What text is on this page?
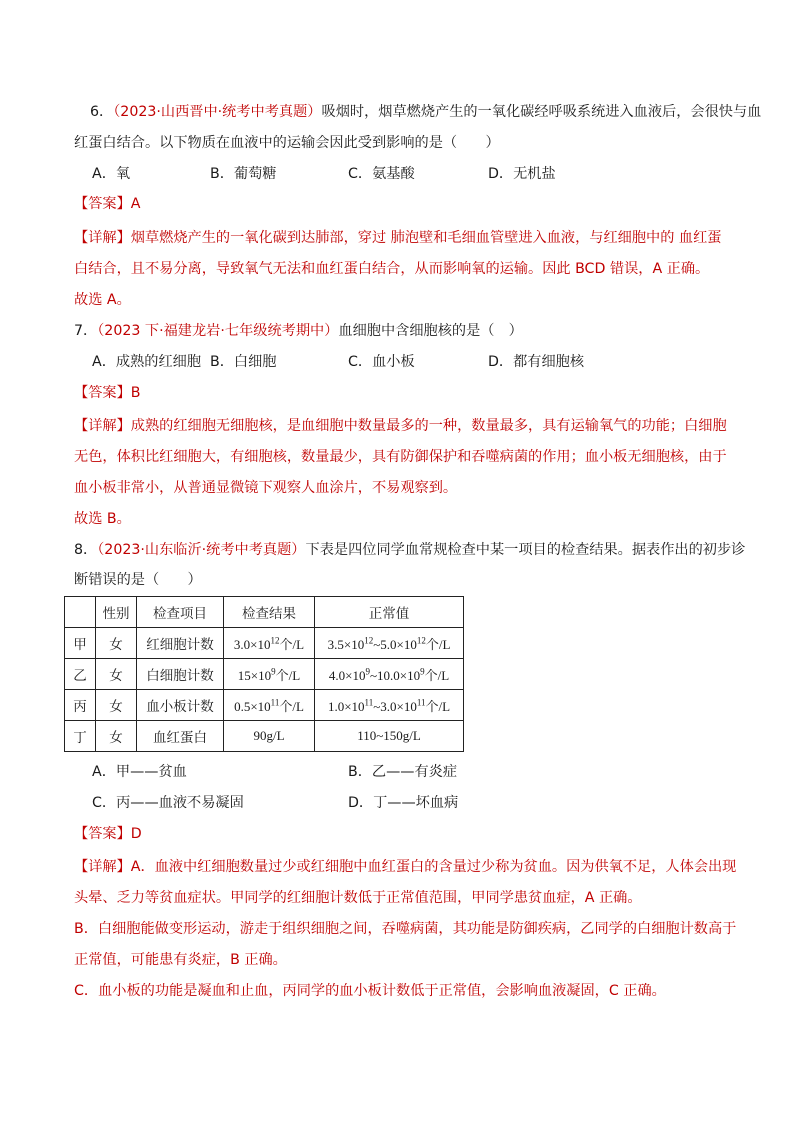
6．（2023·山西晋中·统考中考真题）吸烟时，烟草燃烧产生的一氧化碳经呼吸系统进入血液后，会很快与血
红蛋白结合。以下物质在血液中的运输会因此受到影响的是（　　）
A．氧	B．葡萄糖	C．氨基酸	D．无机盐
【答案】A
【详解】烟草燃烧产生的一氧化碳到达肺部，穿过 肺泡壁和毛细血管壁进入血液，与红细胞中的 血红蛋
白结合，且不易分离，导致氧气无法和血红蛋白结合，从而影响氧的运输。因此 BCD 错误，A 正确。
故选 A。
7．（2023 下·福建龙岩·七年级统考期中）血细胞中含细胞核的是（　）
A．成熟的红细胞 B．白细胞	C．血小板	D．都有细胞核
【答案】B
【详解】成熟的红细胞无细胞核，是血细胞中数量最多的一种，数量最多，具有运输氧气的功能；白细胞
无色，体积比红细胞大，有细胞核，数量最少，具有防御保护和吞噬病菌的作用；血小板无细胞核，由于
血小板非常小，从普通显微镜下观察人血涂片，不易观察到。
故选 B。
8．（2023·山东临沂·统考中考真题）下表是四位同学血常规检查中某一项目的检查结果。据表作出的初步诊
断错误的是（　　）
	性别	检查项目	检查结果	正常值
甲	女	红细胞计数	$3.0\times 10^{12}$个/L	$3.5\times 10^{12}\sim 5.0\times 10^{12}$个/L
乙	女	白细胞计数	$15\times 10^9$个/L	$4.0\times 10^9\sim 10.0\times 10^9$个/L
丙	女	血小板计数	$0.5\times 10^{11}$个/L	$1.0\times 10^{11}\sim 3.0\times 10^{11}$个/L
丁	女	血红蛋白	90g/L	110~150g/L
A．甲——贫血	B．乙——有炎症
C．丙——血液不易凝固	D．丁——坏血病
【答案】D
【详解】A．血液中红细胞数量过少或红细胞中血红蛋白的含量过少称为贫血。因为供氧不足，人体会出现
头晕、乏力等贫血症状。甲同学的红细胞计数低于正常值范围，甲同学患贫血症，A 正确。
B．白细胞能做变形运动，游走于组织细胞之间，吞噬病菌，其功能是防御疾病，乙同学的白细胞计数高于
正常值，可能患有炎症，B 正确。
C．血小板的功能是凝血和止血，丙同学的血小板计数低于正常值，会影响血液凝固，C 正确。
